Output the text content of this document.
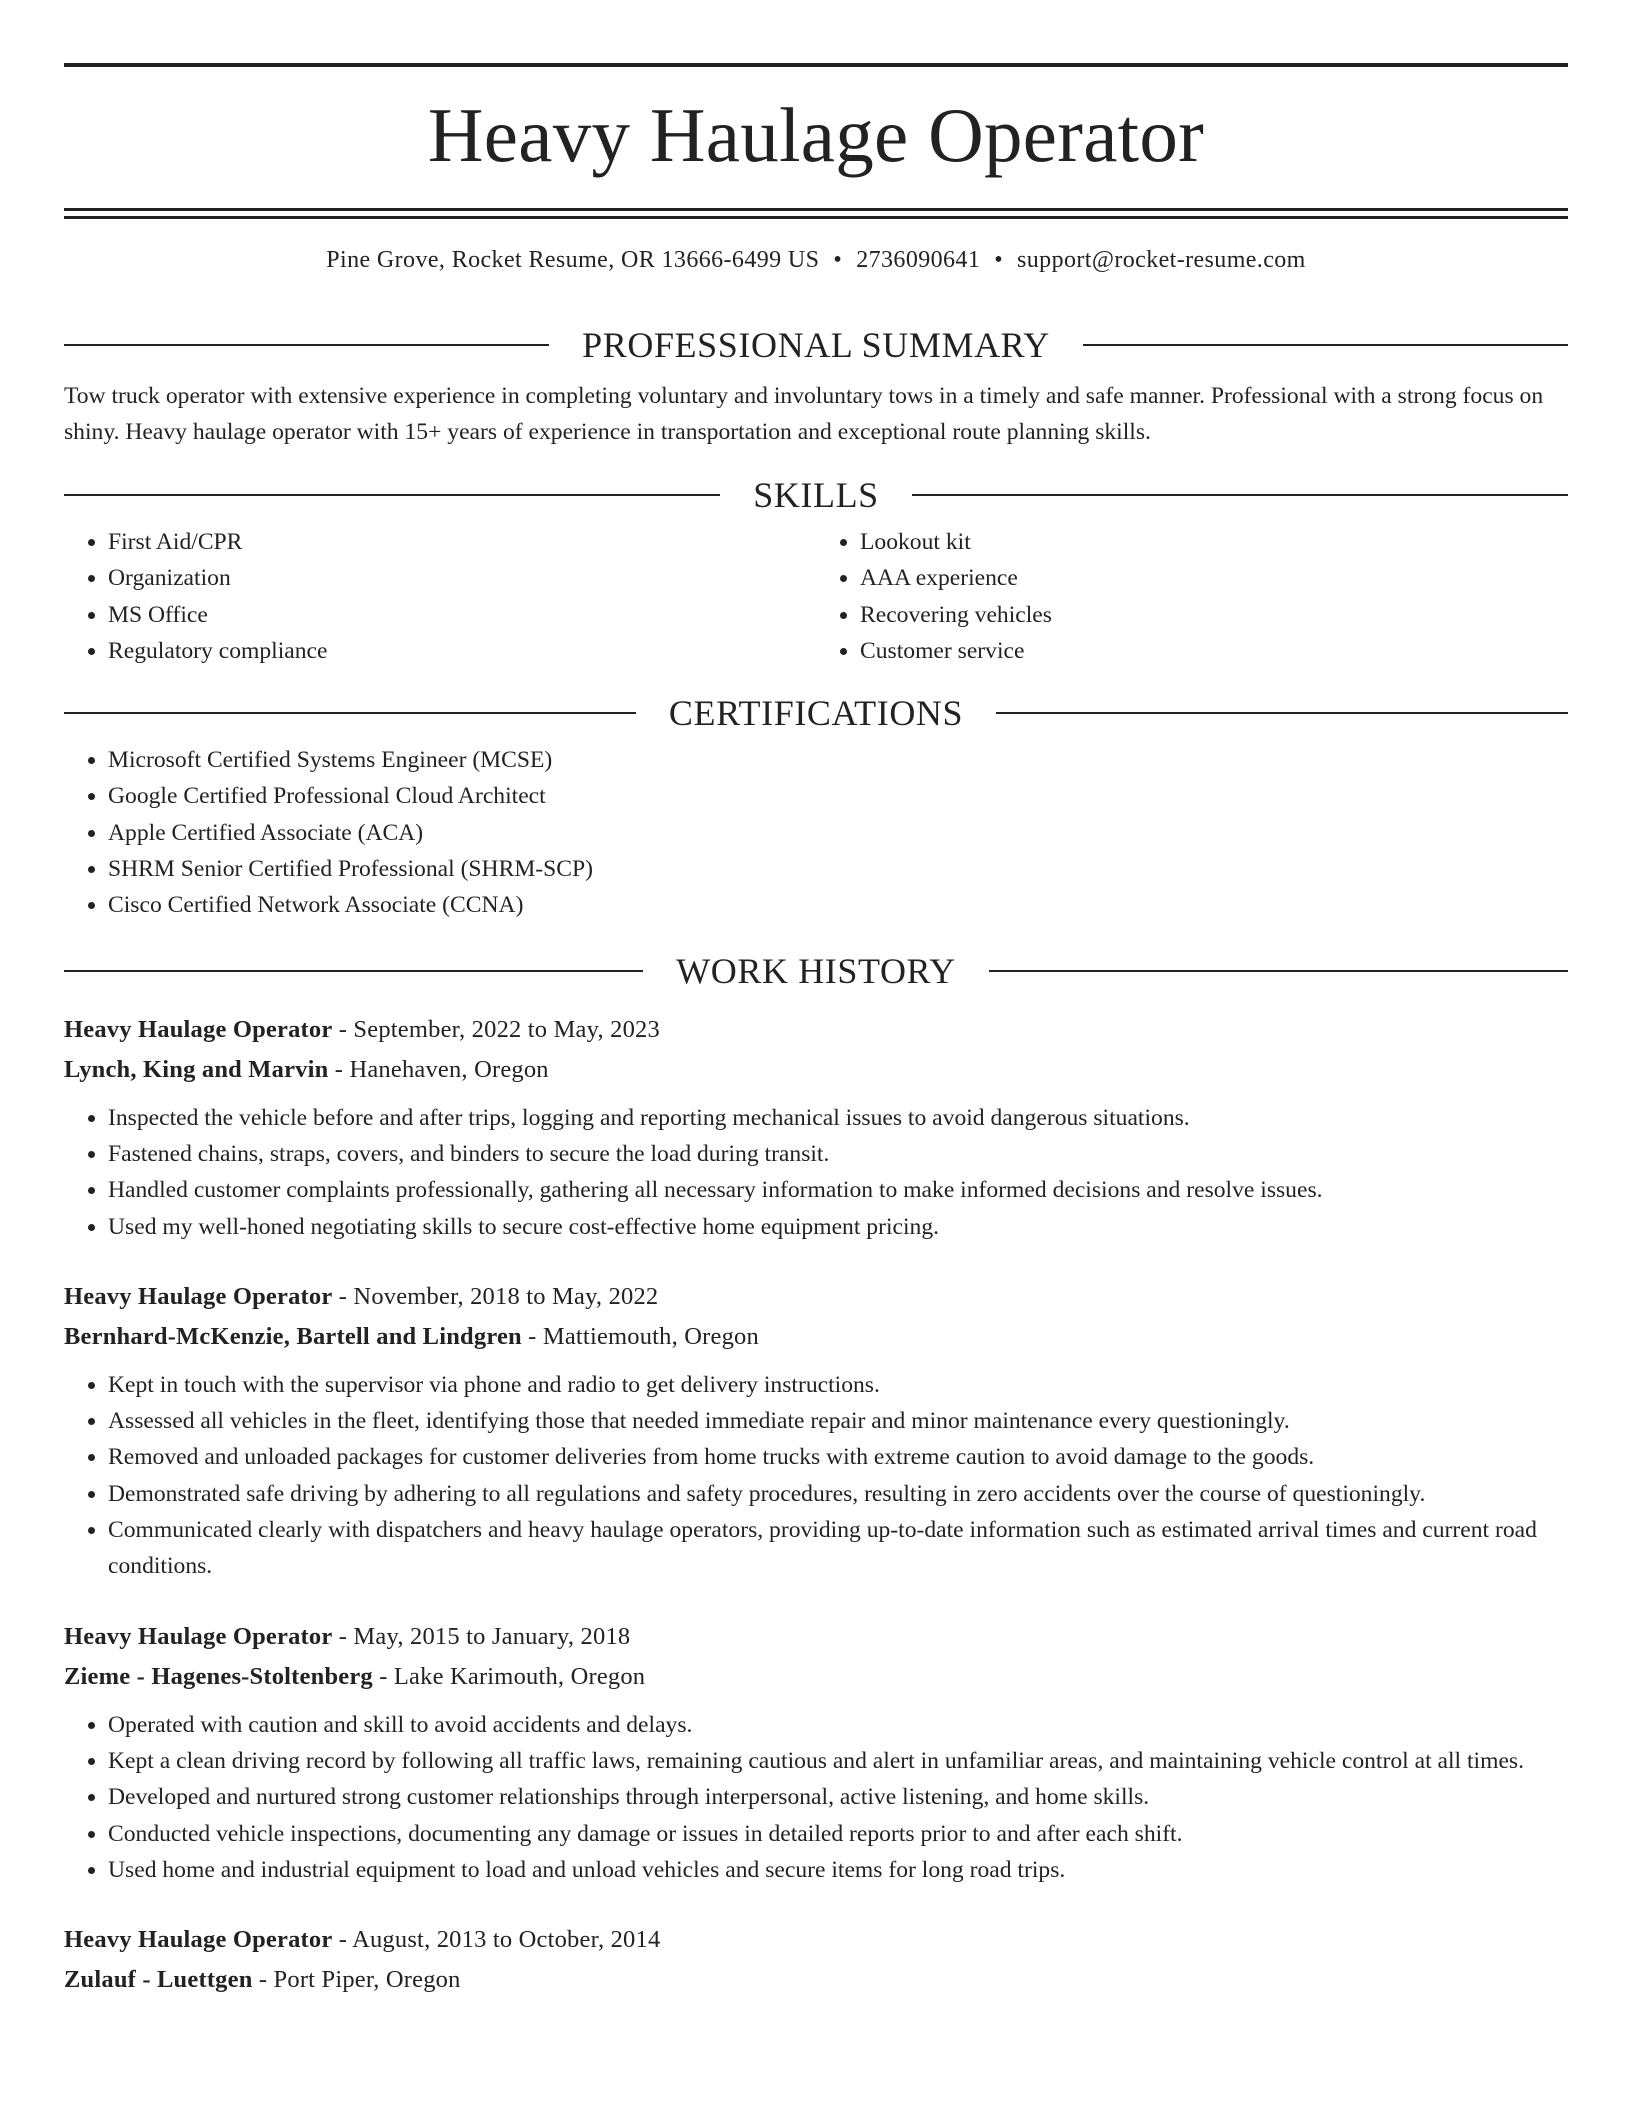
Heavy Haulage Operator
Pine Grove, Rocket Resume, OR 13666-6499 US • 2736090641 • support@rocket-resume.com
PROFESSIONAL SUMMARY

Tow truck operator with extensive experience in completing voluntary and involuntary tows in a timely and safe manner. Professional with a strong focus on shiny. Heavy haulage operator with 15+ years of experience in transportation and exceptional route planning skills.

SKILLS
• First Aid/CPR
• Organization
• MS Office
• Regulatory compliance
• Lookout kit
• AAA experience
• Recovering vehicles
• Customer service
CERTIFICATIONS
• Microsoft Certified Systems Engineer (MCSE)
• Google Certified Professional Cloud Architect
• Apple Certified Associate (ACA)
• SHRM Senior Certified Professional (SHRM-SCP)
• Cisco Certified Network Associate (CCNA)
WORK HISTORY
Heavy Haulage Operator - September, 2022 to May, 2023
Lynch, King and Marvin - Hanehaven, Oregon
• Inspected the vehicle before and after trips, logging and reporting mechanical issues to avoid dangerous situations.
• Fastened chains, straps, covers, and binders to secure the load during transit.
• Handled customer complaints professionally, gathering all necessary information to make informed decisions and resolve issues.
• Used my well-honed negotiating skills to secure cost-effective home equipment pricing.
Heavy Haulage Operator - November, 2018 to May, 2022
Bernhard-McKenzie, Bartell and Lindgren - Mattiemouth, Oregon
• Kept in touch with the supervisor via phone and radio to get delivery instructions.
• Assessed all vehicles in the fleet, identifying those that needed immediate repair and minor maintenance every questioningly.
• Removed and unloaded packages for customer deliveries from home trucks with extreme caution to avoid damage to the goods.
• Demonstrated safe driving by adhering to all regulations and safety procedures, resulting in zero accidents over the course of questioningly.
• Communicated clearly with dispatchers and heavy haulage operators, providing up-to-date information such as estimated arrival times and current road conditions.
Heavy Haulage Operator - May, 2015 to January, 2018
Zieme - Hagenes-Stoltenberg - Lake Karimouth, Oregon
• Operated with caution and skill to avoid accidents and delays.
• Kept a clean driving record by following all traffic laws, remaining cautious and alert in unfamiliar areas, and maintaining vehicle control at all times.
• Developed and nurtured strong customer relationships through interpersonal, active listening, and home skills.
• Conducted vehicle inspections, documenting any damage or issues in detailed reports prior to and after each shift.
• Used home and industrial equipment to load and unload vehicles and secure items for long road trips.
Heavy Haulage Operator - August, 2013 to October, 2014
Zulauf - Luettgen - Port Piper, Oregon
